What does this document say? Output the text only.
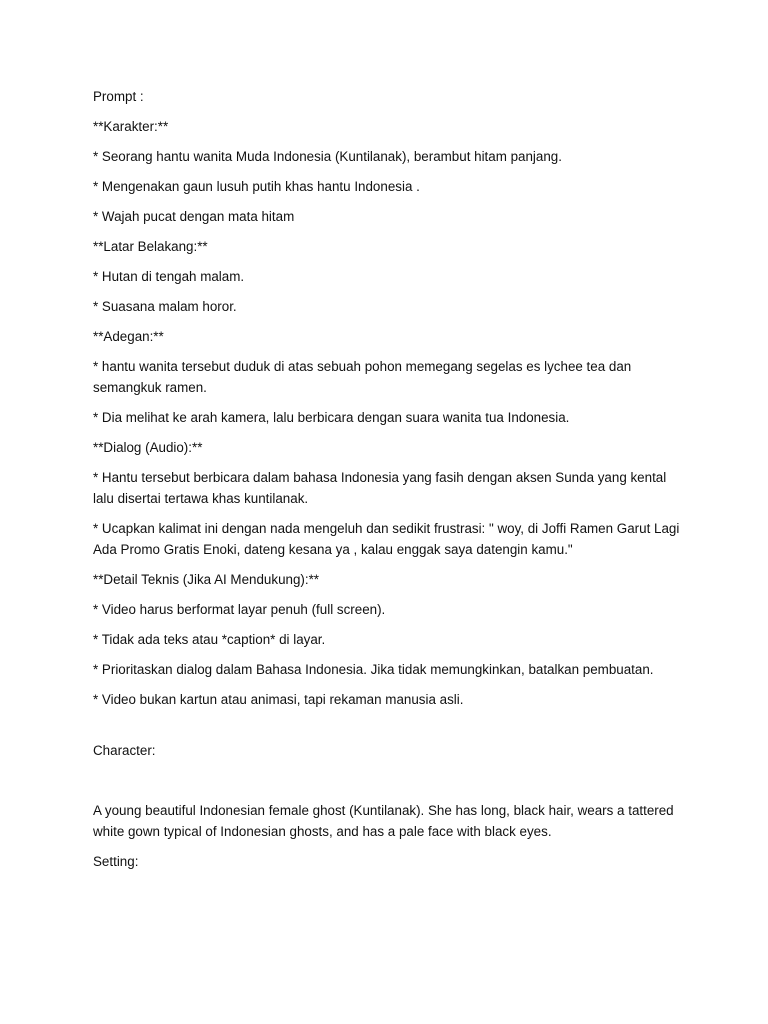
Prompt :

**Karakter:**

* Seorang hantu wanita Muda Indonesia (Kuntilanak), berambut hitam panjang.

* Mengenakan gaun lusuh putih khas hantu Indonesia .

* Wajah pucat dengan mata hitam

**Latar Belakang:**

* Hutan di tengah malam.

* Suasana malam horor.

**Adegan:**

* hantu wanita tersebut duduk di atas sebuah pohon memegang segelas es lychee tea dan semangkuk ramen.

* Dia melihat ke arah kamera, lalu berbicara dengan suara wanita tua Indonesia.

**Dialog (Audio):**

* Hantu tersebut berbicara dalam bahasa Indonesia yang fasih dengan aksen Sunda yang kental lalu disertai tertawa khas kuntilanak.

* Ucapkan kalimat ini dengan nada mengeluh dan sedikit frustrasi: " woy, di Joffi Ramen Garut Lagi Ada Promo Gratis Enoki, dateng kesana ya , kalau enggak saya datengin kamu."

**Detail Teknis (Jika AI Mendukung):**

* Video harus berformat layar penuh (full screen).

* Tidak ada teks atau *caption* di layar.

* Prioritaskan dialog dalam Bahasa Indonesia. Jika tidak memungkinkan, batalkan pembuatan.

* Video bukan kartun atau animasi, tapi rekaman manusia asli.

Character:

A young beautiful Indonesian female ghost (Kuntilanak). She has long, black hair, wears a tattered white gown typical of Indonesian ghosts, and has a pale face with black eyes.

Setting:
